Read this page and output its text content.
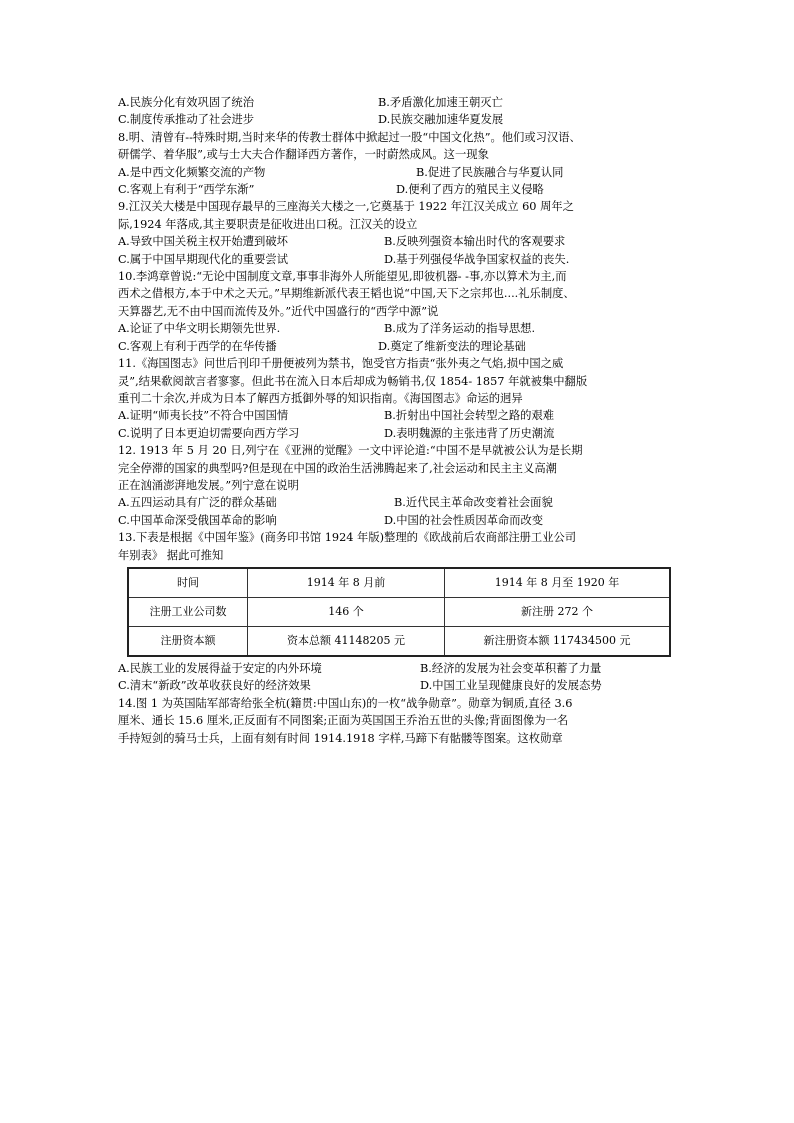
A.民族分化有效巩固了统治	B.矛盾激化加速王朝灭亡
C.制度传承推动了社会进步	D.民族交融加速华夏发展
8.明、清曾有--特殊时期,当时来华的传教士群体中掀起过一股“中国文化热”。他们或习汉语、
研儒学、着华服”,或与士大夫合作翻译西方著作，一时蔚然成风。这一现象
A.是中西文化频繁交流的产物	B.促进了民族融合与华夏认同
C.客观上有利于“西学东渐”	D.便利了西方的殖民主义侵略
9.江汉关大楼是中国现存最早的三座海关大楼之一,它奠基于 1922 年江汉关成立 60 周年之
际,1924 年落成,其主要职责是征收进出口税。江汉关的设立
A.导致中国关税主权开始遭到破坏	B.反映列强资本输出时代的客观要求
C.属于中国早期现代化的重要尝试	D.基于列强侵华战争国家权益的丧失.
10.李鸿章曾说:“无论中国制度文章,事事非海外人所能望见,即彼机器- -事,亦以算术为主,而
西术之借根方,本于中术之天元。”早期维新派代表王韬也说“中国,天下之宗邦也....礼乐制度、
天算器艺,无不由中国而流传及外。”近代中国盛行的“西学中源”说
A.论证了中华文明长期领先世界.	B.成为了洋务运动的指导思想.
C.客观上有利于西学的在华传播	D.奠定了维新变法的理论基础
11.《海国图志》问世后刊印千册便被列为禁书，饱受官方指责“张外夷之气焰,损中国之威
灵”,结果欷阅歆言者寥寥。但此书在流入日本后却成为畅销书,仅 1854- 1857 年就被集中翻版
重刊二十余次,并成为日本了解西方抵御外辱的知识指南。《海国图志》命运的迥异
A.证明“师夷长技”不符合中国国情	B.折射出中国社会转型之路的艰难
C.说明了日本更迫切需要向西方学习	D.表明魏源的主张违背了历史潮流
12. 1913 年 5 月 20 日,列宁在《亚洲的觉醒》一文中评论道:“中国不是早就被公认为是长期
完全停滞的国家的典型吗?但是现在中国的政治生活沸腾起来了,社会运动和民主主义高潮
正在汹涌澎湃地发展。”列宁意在说明
A.五四运动具有广泛的群众基础	B.近代民主革命改变着社会面貌
C.中国革命深受俄国革命的影响	D.中国的社会性质因革命而改变
13.下表是根据《中国年鉴》(商务印书馆 1924 年版)整理的《欧战前后农商部注册工业公司
年别表》 据此可推知
时间	1914 年 8 月前	1914 年 8 月至 1920 年
注册工业公司数	146 个	新注册 272 个
注册资本额	资本总额 41148205 元	新注册资本额 117434500 元
A.民族工业的发展得益于安定的内外环境	B.经济的发展为社会变革积蓄了力量
C.清末“新政”改革收获良好的经济效果	D.中国工业呈现健康良好的发展态势
14.图 1 为英国陆军部寄给张全杭(籍贯:中国山东)的一枚“战争勋章”。勋章为铜质,直径 3.6
厘米、通长 15.6 厘米,正反面有不同图案;正面为英国国王乔治五世的头像;背面图像为一名
手持短剑的骑马士兵，上面有刻有时间 1914.1918 字样,马蹄下有骷髅等图案。这枚勋章
